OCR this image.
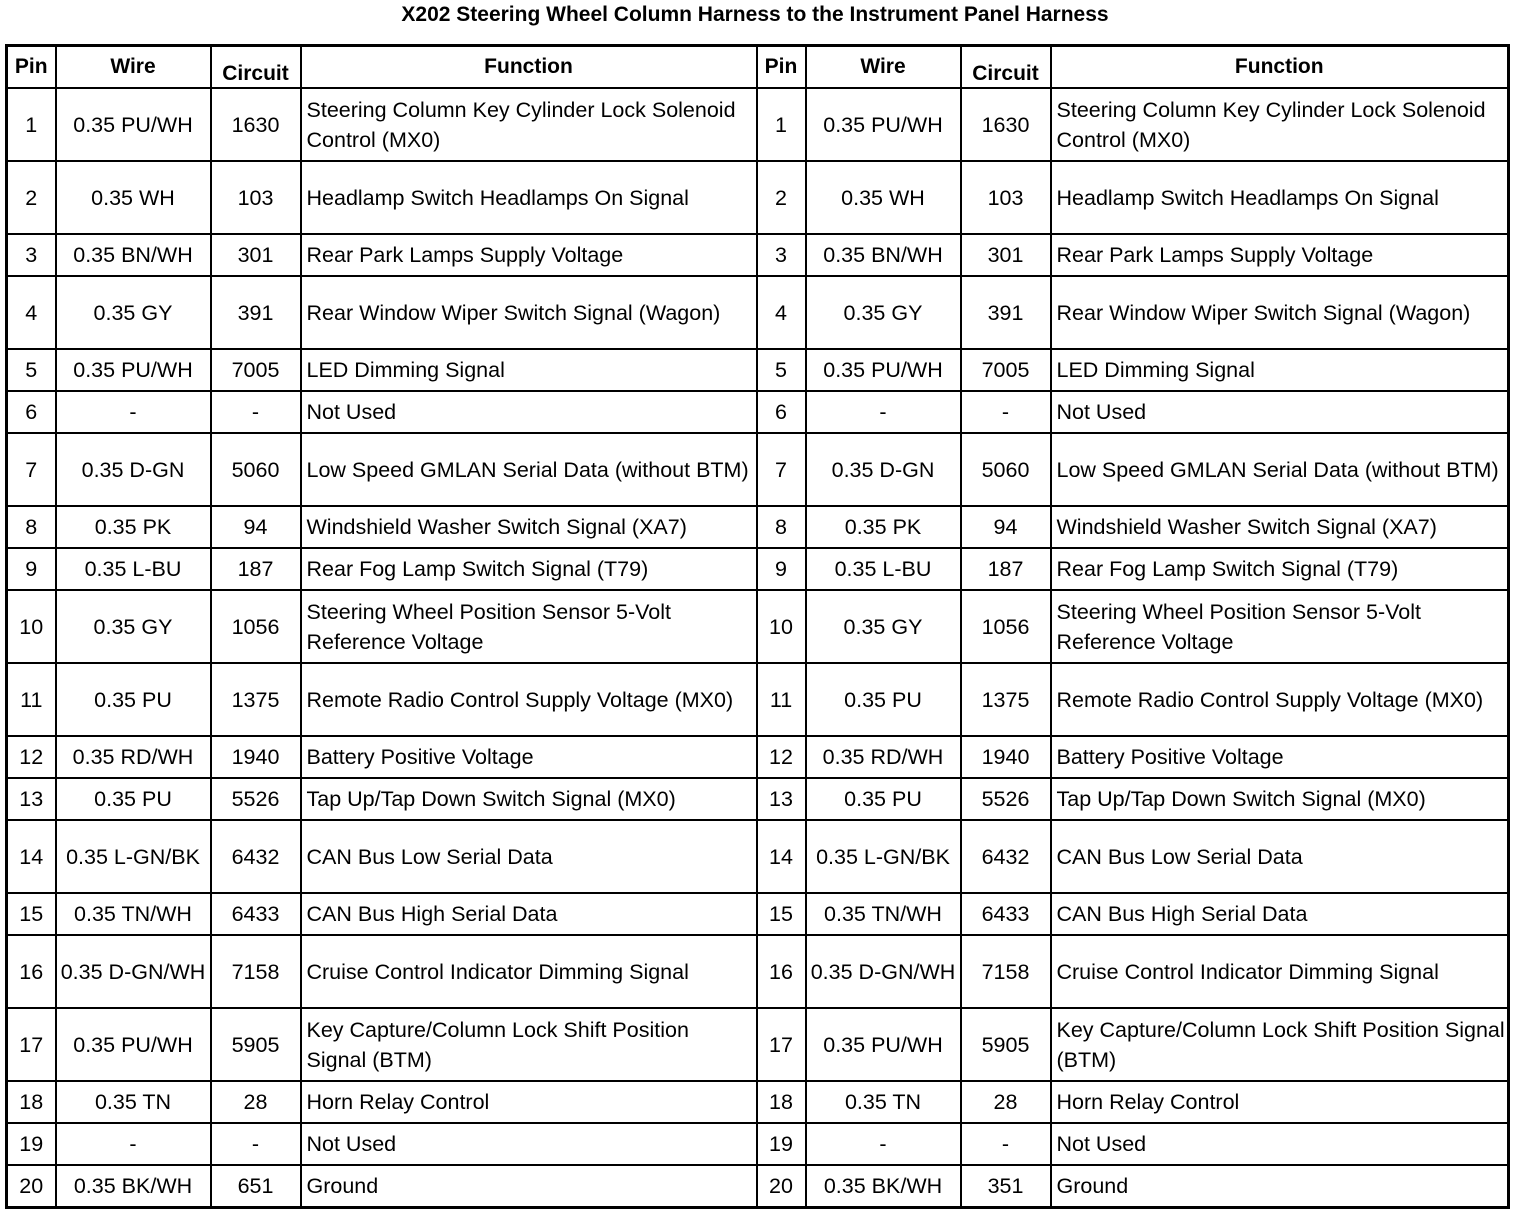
X202 Steering Wheel Column Harness to the Instrument Panel Harness
Pin	Wire	Circuit	Function	Pin	Wire	Circuit	Function
1	0.35 PU/WH	1630	Steering Column Key Cylinder Lock Solenoid Control (MX0)	1	0.35 PU/WH	1630	Steering Column Key Cylinder Lock Solenoid Control (MX0)
2	0.35 WH	103	Headlamp Switch Headlamps On Signal	2	0.35 WH	103	Headlamp Switch Headlamps On Signal
3	0.35 BN/WH	301	Rear Park Lamps Supply Voltage	3	0.35 BN/WH	301	Rear Park Lamps Supply Voltage
4	0.35 GY	391	Rear Window Wiper Switch Signal (Wagon)	4	0.35 GY	391	Rear Window Wiper Switch Signal (Wagon)
5	0.35 PU/WH	7005	LED Dimming Signal	5	0.35 PU/WH	7005	LED Dimming Signal
6	-	-	Not Used	6	-	-	Not Used
7	0.35 D-GN	5060	Low Speed GMLAN Serial Data (without BTM)	7	0.35 D-GN	5060	Low Speed GMLAN Serial Data (without BTM)
8	0.35 PK	94	Windshield Washer Switch Signal (XA7)	8	0.35 PK	94	Windshield Washer Switch Signal (XA7)
9	0.35 L-BU	187	Rear Fog Lamp Switch Signal (T79)	9	0.35 L-BU	187	Rear Fog Lamp Switch Signal (T79)
10	0.35 GY	1056	Steering Wheel Position Sensor 5-Volt Reference Voltage	10	0.35 GY	1056	Steering Wheel Position Sensor 5-Volt Reference Voltage
11	0.35 PU	1375	Remote Radio Control Supply Voltage (MX0)	11	0.35 PU	1375	Remote Radio Control Supply Voltage (MX0)
12	0.35 RD/WH	1940	Battery Positive Voltage	12	0.35 RD/WH	1940	Battery Positive Voltage
13	0.35 PU	5526	Tap Up/Tap Down Switch Signal (MX0)	13	0.35 PU	5526	Tap Up/Tap Down Switch Signal (MX0)
14	0.35 L-GN/BK	6432	CAN Bus Low Serial Data	14	0.35 L-GN/BK	6432	CAN Bus Low Serial Data
15	0.35 TN/WH	6433	CAN Bus High Serial Data	15	0.35 TN/WH	6433	CAN Bus High Serial Data
16	0.35 D-GN/WH	7158	Cruise Control Indicator Dimming Signal	16	0.35 D-GN/WH	7158	Cruise Control Indicator Dimming Signal
17	0.35 PU/WH	5905	Key Capture/Column Lock Shift Position Signal (BTM)	17	0.35 PU/WH	5905	Key Capture/Column Lock Shift Position Signal (BTM)
18	0.35 TN	28	Horn Relay Control	18	0.35 TN	28	Horn Relay Control
19	-	-	Not Used	19	-	-	Not Used
20	0.35 BK/WH	651	Ground	20	0.35 BK/WH	351	Ground
